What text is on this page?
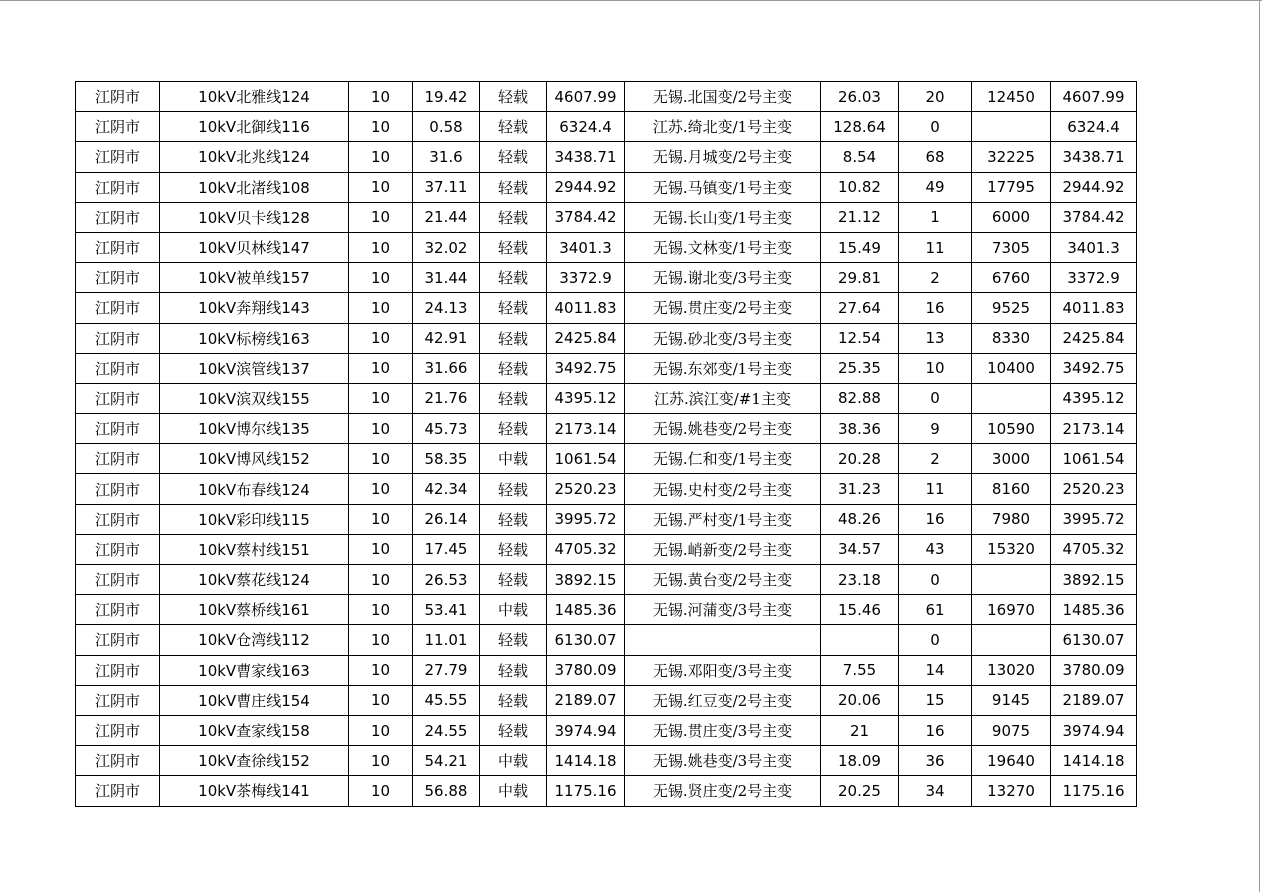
江阴市	10kV北雅线124	10	19.42	轻载	4607.99	无锡.北国变/2号主变	26.03	20	12450	4607.99
江阴市	10kV北御线116	10	0.58	轻载	6324.4	江苏.绮北变/1号主变	128.64	0		6324.4
江阴市	10kV北兆线124	10	31.6	轻载	3438.71	无锡.月城变/2号主变	8.54	68	32225	3438.71
江阴市	10kV北渚线108	10	37.11	轻载	2944.92	无锡.马镇变/1号主变	10.82	49	17795	2944.92
江阴市	10kV贝卡线128	10	21.44	轻载	3784.42	无锡.长山变/1号主变	21.12	1	6000	3784.42
江阴市	10kV贝林线147	10	32.02	轻载	3401.3	无锡.文林变/1号主变	15.49	11	7305	3401.3
江阴市	10kV被单线157	10	31.44	轻载	3372.9	无锡.谢北变/3号主变	29.81	2	6760	3372.9
江阴市	10kV奔翔线143	10	24.13	轻载	4011.83	无锡.贯庄变/2号主变	27.64	16	9525	4011.83
江阴市	10kV标榜线163	10	42.91	轻载	2425.84	无锡.砂北变/3号主变	12.54	13	8330	2425.84
江阴市	10kV滨管线137	10	31.66	轻载	3492.75	无锡.东郊变/1号主变	25.35	10	10400	3492.75
江阴市	10kV滨双线155	10	21.76	轻载	4395.12	江苏.滨江变/#1主变	82.88	0		4395.12
江阴市	10kV博尔线135	10	45.73	轻载	2173.14	无锡.姚巷变/2号主变	38.36	9	10590	2173.14
江阴市	10kV博风线152	10	58.35	中载	1061.54	无锡.仁和变/1号主变	20.28	2	3000	1061.54
江阴市	10kV布春线124	10	42.34	轻载	2520.23	无锡.史村变/2号主变	31.23	11	8160	2520.23
江阴市	10kV彩印线115	10	26.14	轻载	3995.72	无锡.严村变/1号主变	48.26	16	7980	3995.72
江阴市	10kV蔡村线151	10	17.45	轻载	4705.32	无锡.峭新变/2号主变	34.57	43	15320	4705.32
江阴市	10kV蔡花线124	10	26.53	轻载	3892.15	无锡.黄台变/2号主变	23.18	0		3892.15
江阴市	10kV蔡桥线161	10	53.41	中载	1485.36	无锡.河蒲变/3号主变	15.46	61	16970	1485.36
江阴市	10kV仓湾线112	10	11.01	轻载	6130.07			0		6130.07
江阴市	10kV曹家线163	10	27.79	轻载	3780.09	无锡.邓阳变/3号主变	7.55	14	13020	3780.09
江阴市	10kV曹庄线154	10	45.55	轻载	2189.07	无锡.红豆变/2号主变	20.06	15	9145	2189.07
江阴市	10kV查家线158	10	24.55	轻载	3974.94	无锡.贯庄变/3号主变	21	16	9075	3974.94
江阴市	10kV查徐线152	10	54.21	中载	1414.18	无锡.姚巷变/3号主变	18.09	36	19640	1414.18
江阴市	10kV茶梅线141	10	56.88	中载	1175.16	无锡.贤庄变/2号主变	20.25	34	13270	1175.16
